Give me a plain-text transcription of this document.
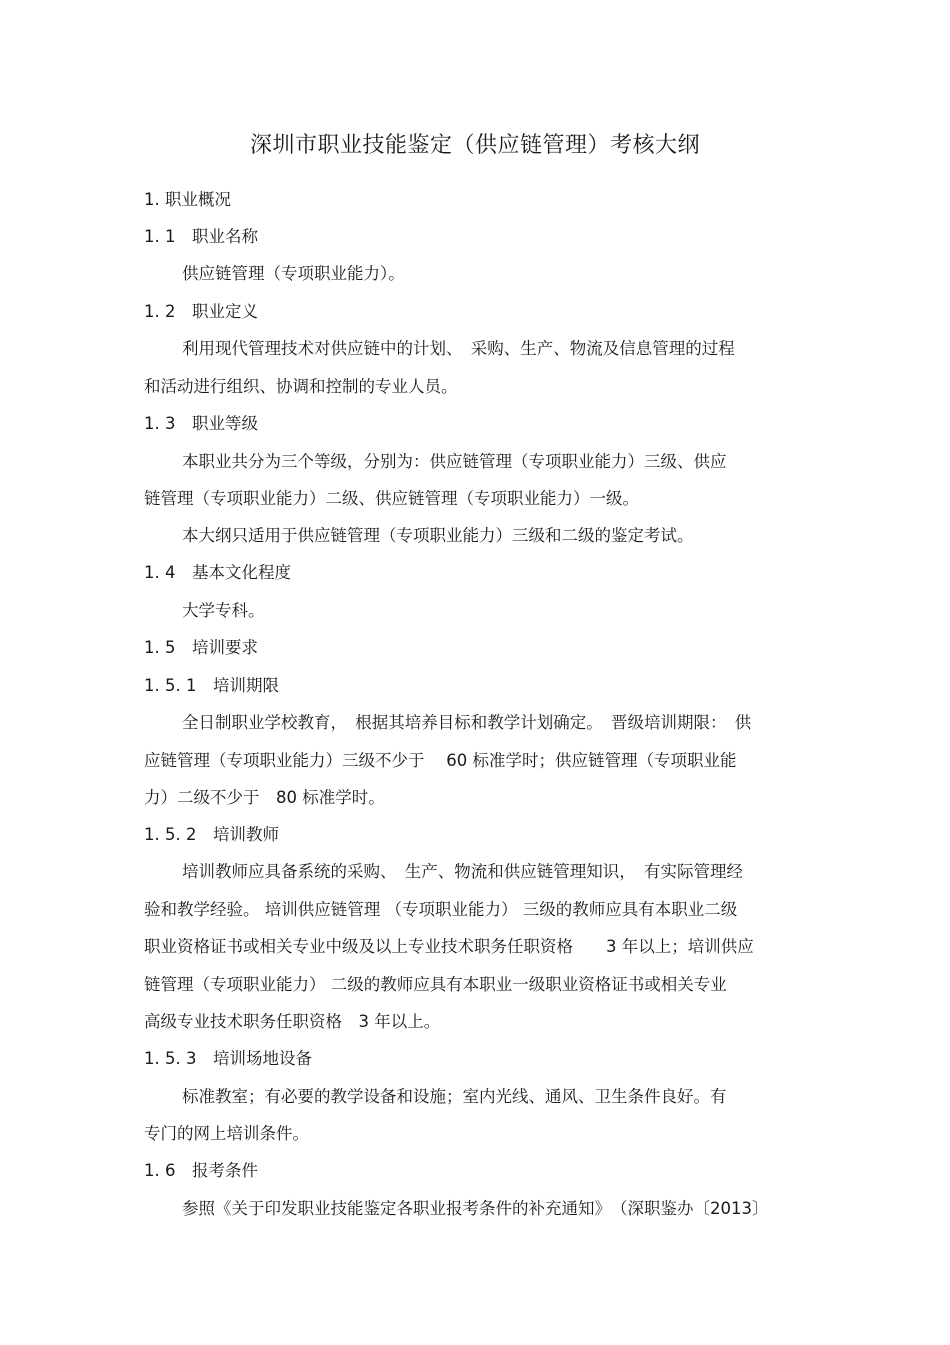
深圳市职业技能鉴定（供应链管理）考核大纲
1. 职业概况
1. 1　职业名称
供应链管理（专项职业能力）。
1. 2　职业定义
利用现代管理技术对供应链中的计划、　采购、生产、物流及信息管理的过程
和活动进行组织、协调和控制的专业人员。
1. 3　职业等级
本职业共分为三个等级，分别为：供应链管理（专项职业能力）三级、供应
链管理（专项职业能力）二级、供应链管理（专项职业能力）一级。
本大纲只适用于供应链管理（专项职业能力）三级和二级的鉴定考试。
1. 4　基本文化程度
大学专科。
1. 5　培训要求
1. 5. 1　培训期限
全日制职业学校教育，　根据其培养目标和教学计划确定。　晋级培训期限：　供
应链管理（专项职业能力）三级不少于　 60 标准学时；供应链管理（专项职业能
力）二级不少于　80 标准学时。
1. 5. 2　培训教师
培训教师应具备系统的采购、　生产、物流和供应链管理知识，　有实际管理经
验和教学经验。 培训供应链管理 （专项职业能力） 三级的教师应具有本职业二级
职业资格证书或相关专业中级及以上专业技术职务任职资格　　3 年以上；培训供应
链管理（专项职业能力） 二级的教师应具有本职业一级职业资格证书或相关专业
高级专业技术职务任职资格　3 年以上。
1. 5. 3　培训场地设备
标准教室；有必要的教学设备和设施；室内光线、通风、卫生条件良好。有
专门的网上培训条件。
1. 6　报考条件
参照《关于印发职业技能鉴定各职业报考条件的补充通知》　（深职鉴办〔2013〕
